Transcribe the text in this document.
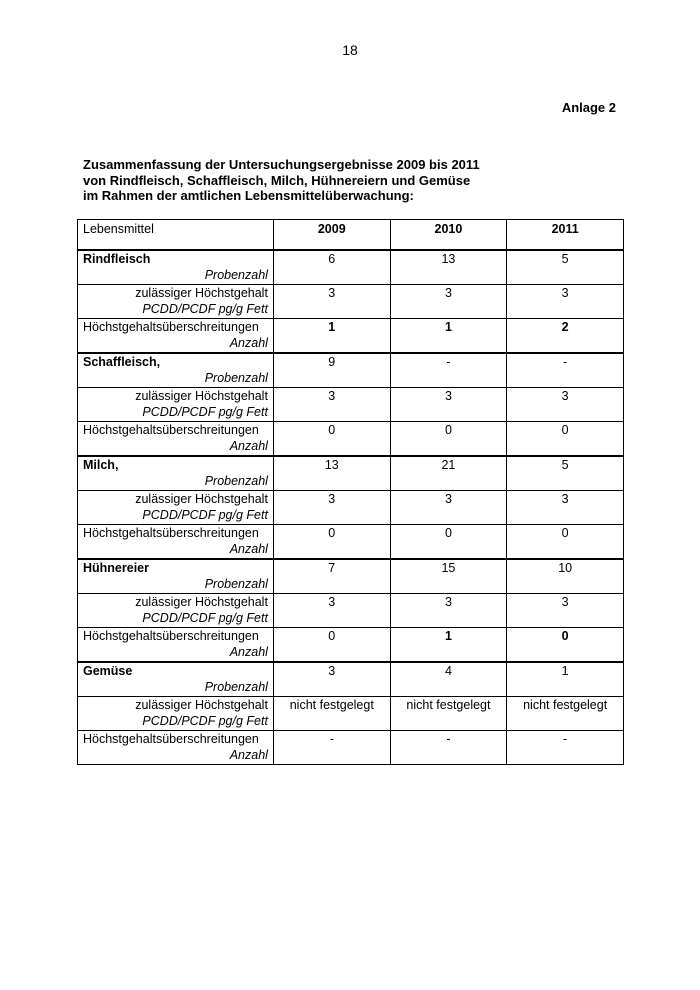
18
Anlage 2
Zusammenfassung der Untersuchungsergebnisse 2009 bis 2011
von Rindfleisch, Schaffleisch, Milch, Hühnereiern und Gemüse
im Rahmen der amtlichen Lebensmittelüberwachung:
Lebensmittel	2009	2010	2011

Rindfleisch
Probenzahl	6	13	5

zulässiger Höchstgehalt
PCDD/PCDF pg/g Fett	3	3	3

Höchstgehaltsüberschreitungen
Anzahl	1	1	2

Schaffleisch,
Probenzahl	9	-	-

zulässiger Höchstgehalt
PCDD/PCDF pg/g Fett	3	3	3

Höchstgehaltsüberschreitungen
Anzahl	0	0	0

Milch,
Probenzahl	13	21	5

zulässiger Höchstgehalt
PCDD/PCDF pg/g Fett	3	3	3

Höchstgehaltsüberschreitungen
Anzahl	0	0	0

Hühnereier
Probenzahl	7	15	10

zulässiger Höchstgehalt
PCDD/PCDF pg/g Fett	3	3	3

Höchstgehaltsüberschreitungen
Anzahl	0	1	0

Gemüse
Probenzahl	3	4	1

zulässiger Höchstgehalt
PCDD/PCDF pg/g Fett	nicht festgelegt	nicht festgelegt	nicht festgelegt

Höchstgehaltsüberschreitungen
Anzahl	-	-	-
